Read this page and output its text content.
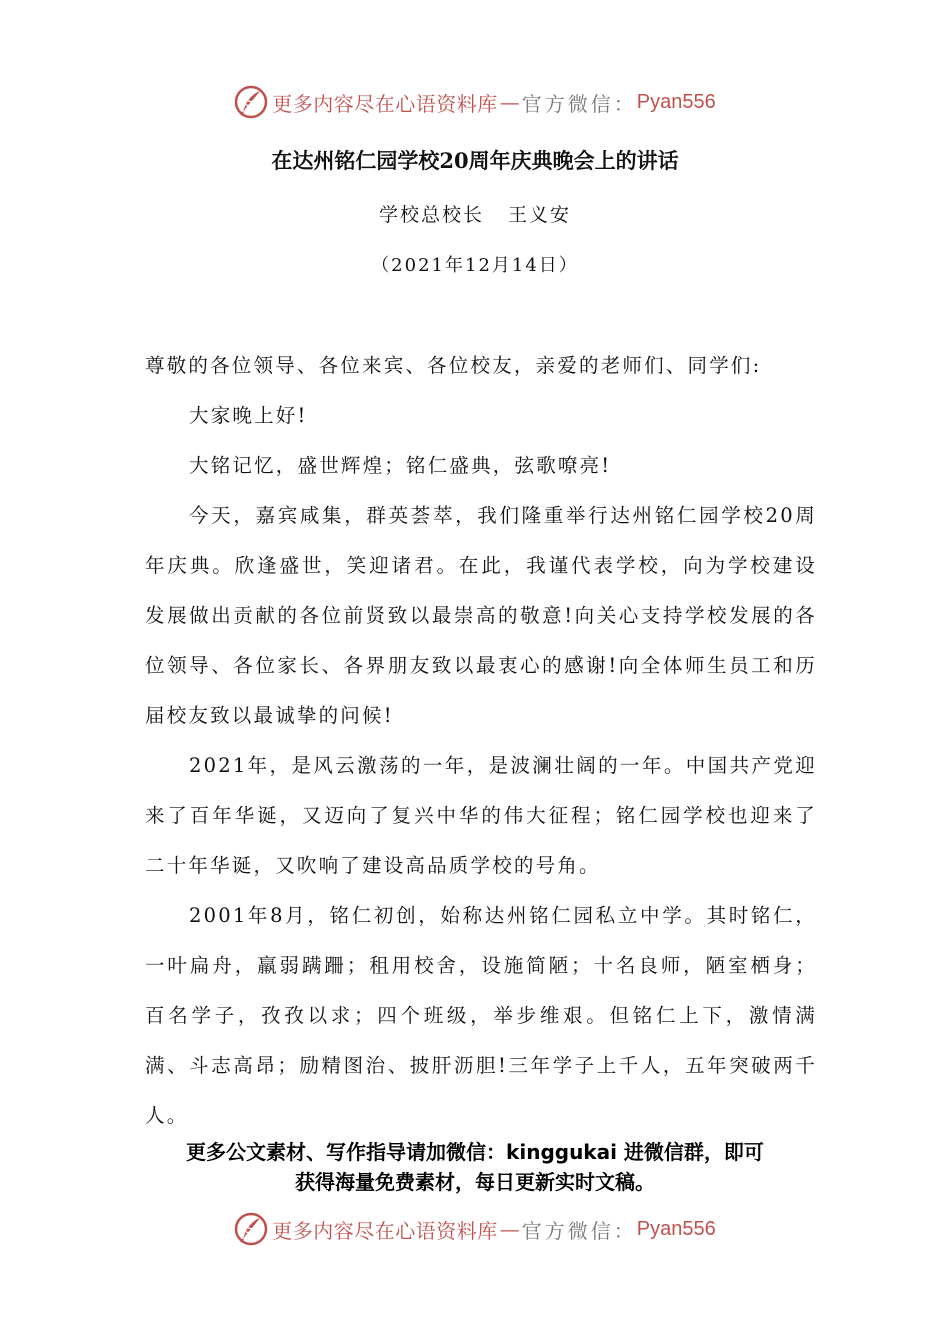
更多内容尽在心语资料库 — 官方微信： Pyan556
在达州铭仁园学校20周年庆典晚会上的讲话
学校总校长 王义安
（2021年12月14日）

尊敬的各位领导、各位来宾、各位校友，亲爱的老师们、同学们:

大家晚上好!

大铭记忆，盛世辉煌；铭仁盛典，弦歌嘹亮!

今天，嘉宾咸集，群英荟萃，我们隆重举行达州铭仁园学校20周年庆典。欣逢盛世，笑迎诸君。在此，我谨代表学校，向为学校建设发展做出贡献的各位前贤致以最崇高的敬意!向关心支持学校发展的各位领导、各位家长、各界朋友致以最衷心的感谢!向全体师生员工和历届校友致以最诚挚的问候!

2021年，是风云激荡的一年，是波澜壮阔的一年。中国共产党迎来了百年华诞，又迈向了复兴中华的伟大征程；铭仁园学校也迎来了二十年华诞，又吹响了建设高品质学校的号角。

2001年8月，铭仁初创，始称达州铭仁园私立中学。其时铭仁，一叶扁舟，羸弱蹒跚；租用校舍，设施简陋；十名良师，陋室栖身；百名学子，孜孜以求；四个班级，举步维艰。但铭仁上下，激情满满、斗志高昂；励精图治、披肝沥胆!三年学子上千人，五年突破两千人。

更多公文素材、写作指导请加微信：kinggukai 进微信群，即可
获得海量免费素材，每日更新实时文稿。
更多内容尽在心语资料库 — 官方微信： Pyan556
